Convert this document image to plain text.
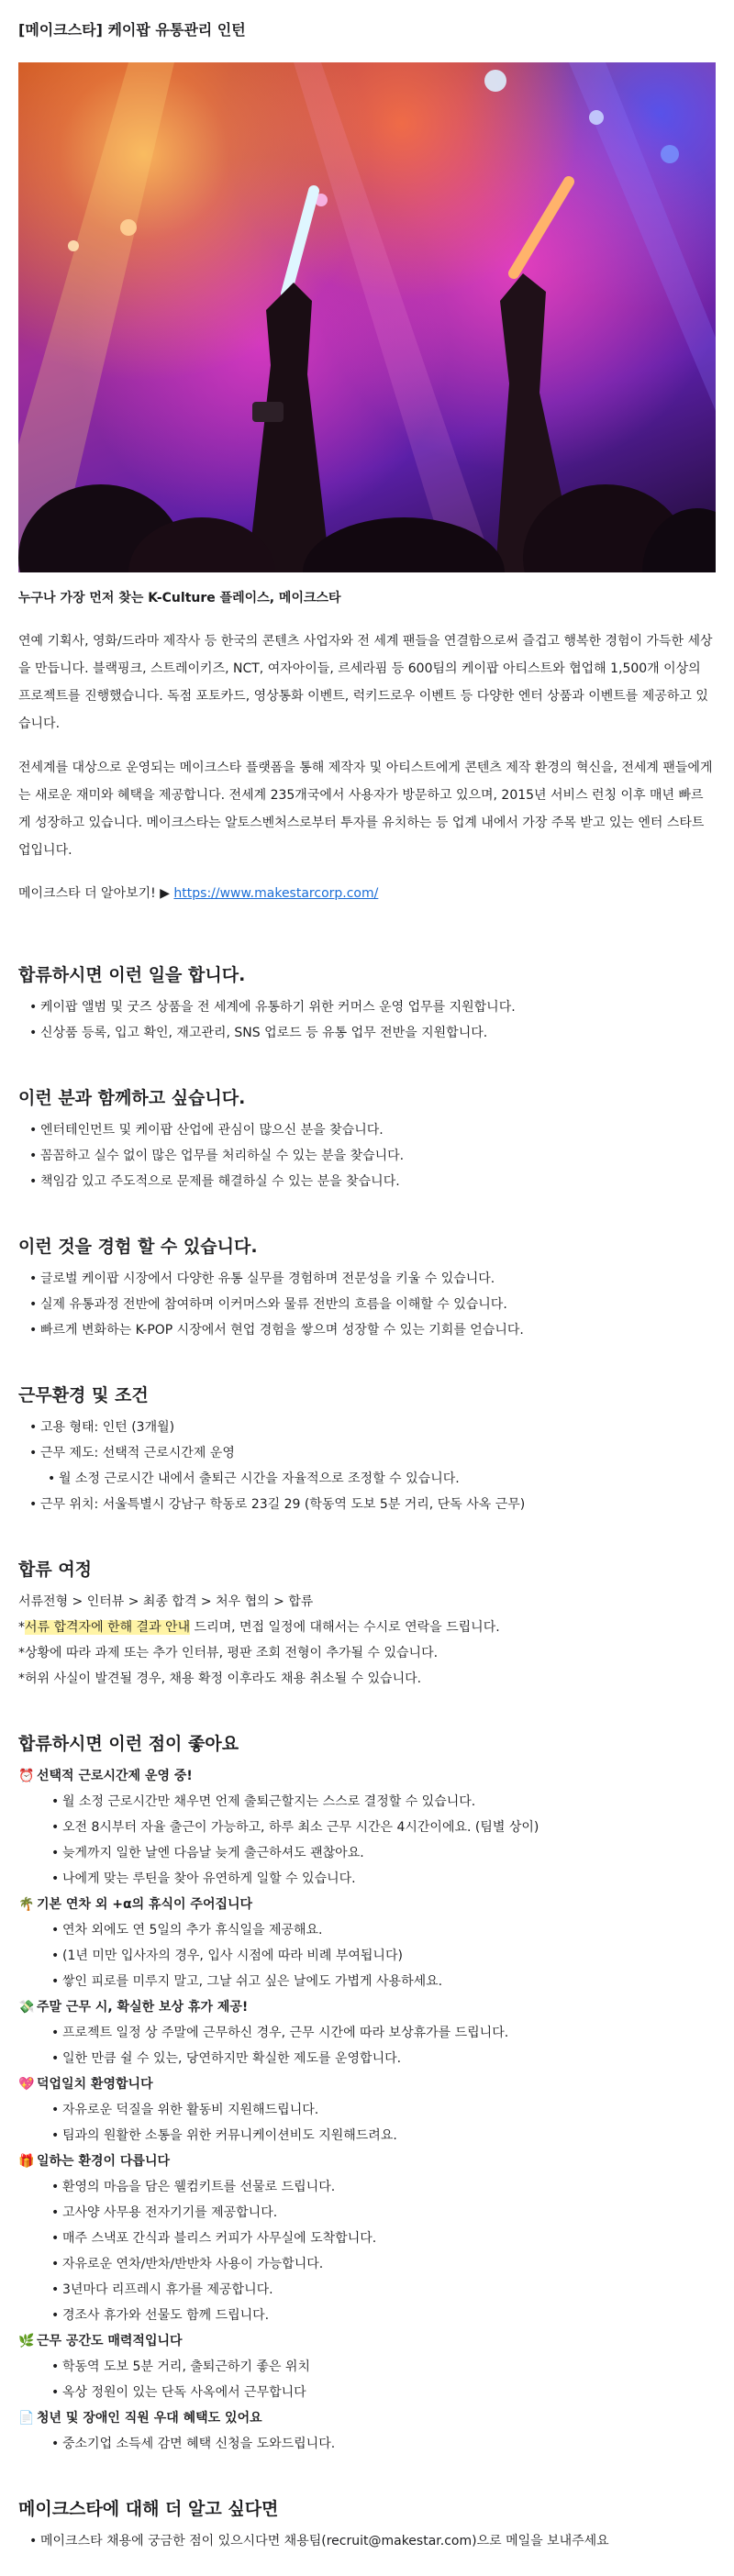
[메이크스타] 케이팝 유통관리 인턴
누구나 가장 먼저 찾는 K-Culture 플레이스, 메이크스타
연예 기획사, 영화/드라마 제작사 등 한국의 콘텐츠 사업자와 전 세계 팬들을 연결함으로써 즐겁고 행복한 경험이 가득한 세상을 만듭니다. 블랙핑크, 스트레이키즈, NCT, 여자아이들, 르세라핌 등 600팀의 케이팝 아티스트와 협업해 1,500개 이상의 프로젝트를 진행했습니다. 독점 포토카드, 영상통화 이벤트, 럭키드로우 이벤트 등 다양한 엔터 상품과 이벤트를 제공하고 있습니다.
전세계를 대상으로 운영되는 메이크스타 플랫폼을 통해 제작자 및 아티스트에게 콘텐츠 제작 환경의 혁신을, 전세계 팬들에게는 새로운 재미와 혜택을 제공합니다. 전세계 235개국에서 사용자가 방문하고 있으며, 2015년 서비스 런칭 이후 매년 빠르게 성장하고 있습니다. 메이크스타는 알토스벤처스로부터 투자를 유치하는 등 업계 내에서 가장 주목 받고 있는 엔터 스타트업입니다.
메이크스타 더 알아보기! ▶ https://www.makestarcorp.com/
합류하시면 이런 일을 합니다.
• 케이팝 앨범 및 굿즈 상품을 전 세계에 유통하기 위한 커머스 운영 업무를 지원합니다.
• 신상품 등록, 입고 확인, 재고관리, SNS 업로드 등 유통 업무 전반을 지원합니다.
이런 분과 함께하고 싶습니다.
• 엔터테인먼트 및 케이팝 산업에 관심이 많으신 분을 찾습니다.
• 꼼꼼하고 실수 없이 많은 업무를 처리하실 수 있는 분을 찾습니다.
• 책임감 있고 주도적으로 문제를 해결하실 수 있는 분을 찾습니다.
이런 것을 경험 할 수 있습니다.
• 글로벌 케이팝 시장에서 다양한 유통 실무를 경험하며 전문성을 키울 수 있습니다.
• 실제 유통과정 전반에 참여하며 이커머스와 물류 전반의 흐름을 이해할 수 있습니다.
• 빠르게 변화하는 K-POP 시장에서 현업 경험을 쌓으며 성장할 수 있는 기회를 얻습니다.
근무환경 및 조건
• 고용 형태: 인턴 (3개월)
• 근무 제도: 선택적 근로시간제 운영
• 월 소정 근로시간 내에서 출퇴근 시간을 자율적으로 조정할 수 있습니다.
• 근무 위치: 서울특별시 강남구 학동로 23길 29 (학동역 도보 5분 거리, 단독 사옥 근무)
합류 여정
서류전형 > 인터뷰 > 최종 합격 > 처우 협의 > 합류
*서류 합격자에 한해 결과 안내 드리며, 면접 일정에 대해서는 수시로 연락을 드립니다.
*상황에 따라 과제 또는 추가 인터뷰, 평판 조회 전형이 추가될 수 있습니다.
*허위 사실이 발견될 경우, 채용 확정 이후라도 채용 취소될 수 있습니다.
합류하시면 이런 점이 좋아요
⏰ 선택적 근로시간제 운영 중!
• 월 소정 근로시간만 채우면 언제 출퇴근할지는 스스로 결정할 수 있습니다.
• 오전 8시부터 자율 출근이 가능하고, 하루 최소 근무 시간은 4시간이에요. (팀별 상이)
• 늦게까지 일한 날엔 다음날 늦게 출근하셔도 괜찮아요.
• 나에게 맞는 루틴을 찾아 유연하게 일할 수 있습니다.
🌴 기본 연차 외 +α의 휴식이 주어집니다
• 연차 외에도 연 5일의 추가 휴식일을 제공해요.
• (1년 미만 입사자의 경우, 입사 시점에 따라 비례 부여됩니다)
• 쌓인 피로를 미루지 말고, 그날 쉬고 싶은 날에도 가볍게 사용하세요.
💸 주말 근무 시, 확실한 보상 휴가 제공!
• 프로젝트 일정 상 주말에 근무하신 경우, 근무 시간에 따라 보상휴가를 드립니다.
• 일한 만큼 쉴 수 있는, 당연하지만 확실한 제도를 운영합니다.
💖 덕업일치 환영합니다
• 자유로운 덕질을 위한 활동비 지원해드립니다.
• 팀과의 원활한 소통을 위한 커뮤니케이션비도 지원해드려요.
🎁 일하는 환경이 다릅니다
• 환영의 마음을 담은 웰컴키트를 선물로 드립니다.
• 고사양 사무용 전자기기를 제공합니다.
• 매주 스낵포 간식과 블리스 커피가 사무실에 도착합니다.
• 자유로운 연차/반차/반반차 사용이 가능합니다.
• 3년마다 리프레시 휴가를 제공합니다.
• 경조사 휴가와 선물도 함께 드립니다.
🌿 근무 공간도 매력적입니다
• 학동역 도보 5분 거리, 출퇴근하기 좋은 위치
• 옥상 정원이 있는 단독 사옥에서 근무합니다
📄 청년 및 장애인 직원 우대 혜택도 있어요
• 중소기업 소득세 감면 혜택 신청을 도와드립니다.
메이크스타에 대해 더 알고 싶다면
• 메이크스타 채용에 궁금한 점이 있으시다면 채용팀(recruit@makestar.com)으로 메일을 보내주세요
